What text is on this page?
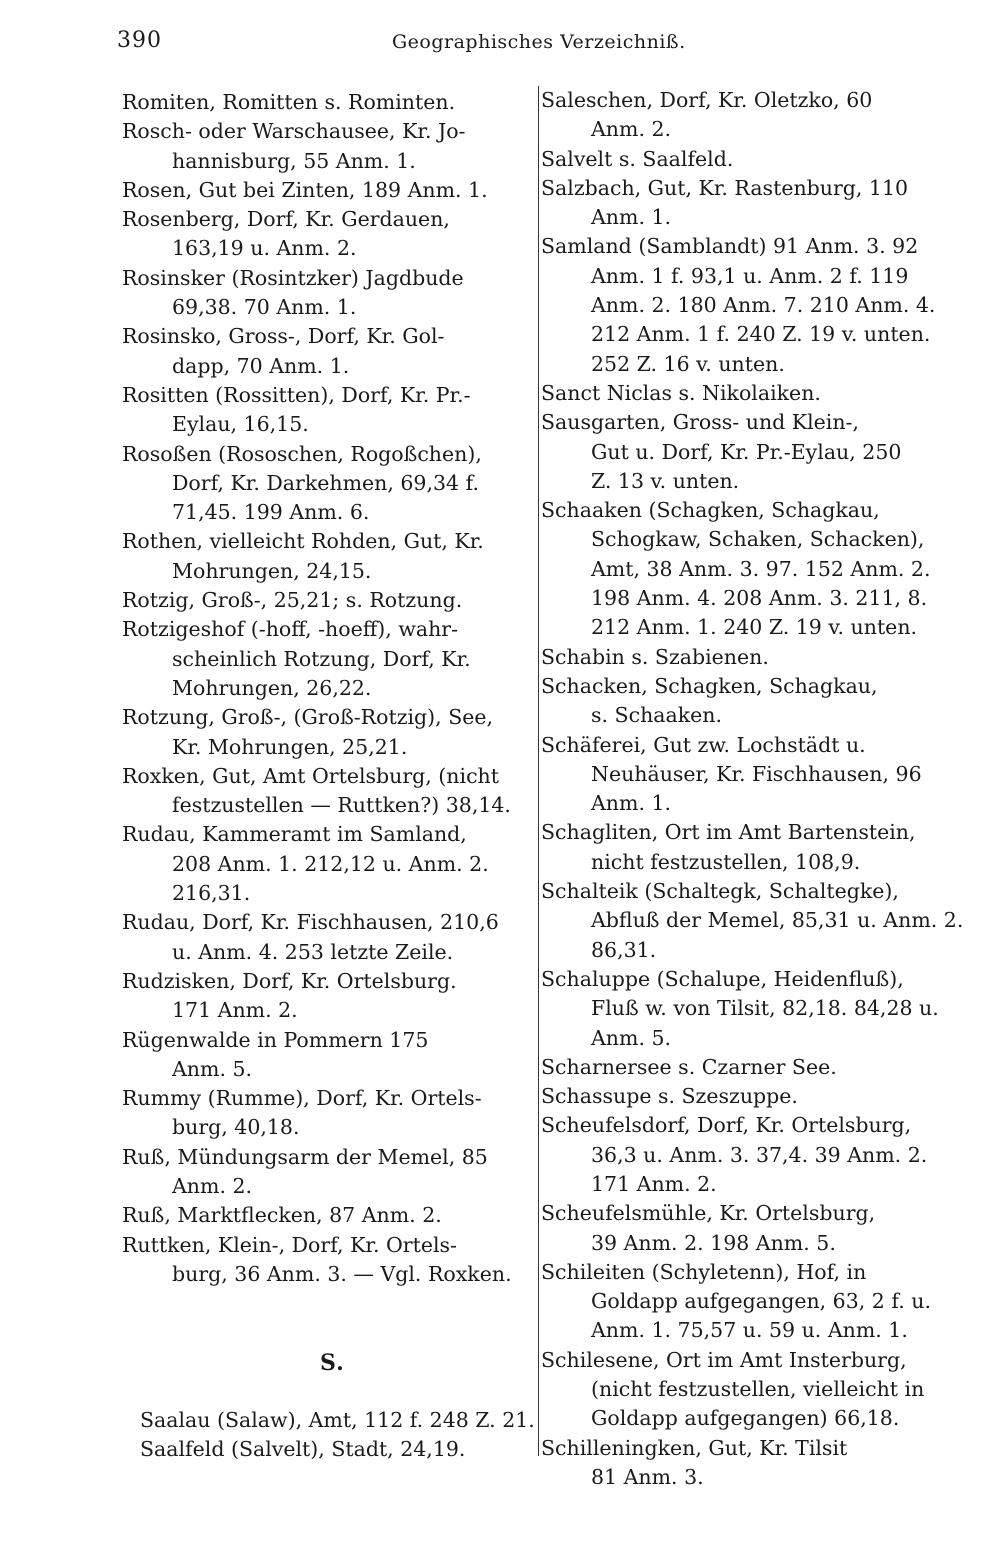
390	Geographisches Verzeichniß.

Romiten, Romitten s. Rominten.

Rosch- oder Warschausee, Kr. Jo-
hannisburg, 55 Anm. 1.

Rosen, Gut bei Zinten, 189 Anm. 1.

Rosenberg, Dorf, Kr. Gerdauen,
163,19 u. Anm. 2.

Rosinsker (Rosintzker) Jagdbude
69,38. 70 Anm. 1.

Rosinsko, Gross-, Dorf, Kr. Gol-
dapp, 70 Anm. 1.

Rositten (Rossitten), Dorf, Kr. Pr.-
Eylau, 16,15.

Rosoßen (Rososchen, Rogoßchen),
Dorf, Kr. Darkehmen, 69,34 f.
71,45. 199 Anm. 6.

Rothen, vielleicht Rohden, Gut, Kr.
Mohrungen, 24,15.

Rotzig, Groß-, 25,21; s. Rotzung.

Rotzigeshof (-hoff, -hoeff), wahr-
scheinlich Rotzung, Dorf, Kr.
Mohrungen, 26,22.

Rotzung, Groß-, (Groß-Rotzig), See,
Kr. Mohrungen, 25,21.

Roxken, Gut, Amt Ortelsburg, (nicht
festzustellen — Ruttken?) 38,14.

Rudau, Kammeramt im Samland,
208 Anm. 1. 212,12 u. Anm. 2.
216,31.

Rudau, Dorf, Kr. Fischhausen, 210,6
u. Anm. 4. 253 letzte Zeile.

Rudzisken, Dorf, Kr. Ortelsburg.
171 Anm. 2.

Rügenwalde in Pommern 175
Anm. 5.

Rummy (Rumme), Dorf, Kr. Ortels-
burg, 40,18.

Ruß, Mündungsarm der Memel, 85
Anm. 2.

Ruß, Marktflecken, 87 Anm. 2.

Ruttken, Klein-, Dorf, Kr. Ortels-
burg, 36 Anm. 3. — Vgl. Roxken.

Saleschen, Dorf, Kr. Oletzko, 60
Anm. 2.

Salvelt s. Saalfeld.

Salzbach, Gut, Kr. Rastenburg, 110
Anm. 1.

Samland (Samblandt) 91 Anm. 3. 92
Anm. 1 f. 93,1 u. Anm. 2 f. 119
Anm. 2. 180 Anm. 7. 210 Anm. 4.
212 Anm. 1 f. 240 Z. 19 v. unten.
252 Z. 16 v. unten.

Sanct Niclas s. Nikolaiken.

Sausgarten, Gross- und Klein-,
Gut u. Dorf, Kr. Pr.-Eylau, 250
Z. 13 v. unten.

Schaaken (Schagken, Schagkau,
Schogkaw, Schaken, Schacken),
Amt, 38 Anm. 3. 97. 152 Anm. 2.
198 Anm. 4. 208 Anm. 3. 211, 8.
212 Anm. 1. 240 Z. 19 v. unten.

Schabin s. Szabienen.

Schacken, Schagken, Schagkau,
s. Schaaken.

Schäferei, Gut zw. Lochstädt u.
Neuhäuser, Kr. Fischhausen, 96
Anm. 1.

Schagliten, Ort im Amt Bartenstein,
nicht festzustellen, 108,9.

Schalteik (Schaltegk, Schaltegke),
Abfluß der Memel, 85,31 u. Anm. 2.
86,31.

Schaluppe (Schalupe, Heidenfluß),
Fluß w. von Tilsit, 82,18. 84,28 u.
Anm. 5.

Scharnersee s. Czarner See.

Schassupe s. Szeszuppe.

Scheufelsdorf, Dorf, Kr. Ortelsburg,
36,3 u. Anm. 3. 37,4. 39 Anm. 2.
171 Anm. 2.

Scheufelsmühle, Kr. Ortelsburg,
39 Anm. 2. 198 Anm. 5.

Schileiten (Schyletenn), Hof, in
Goldapp aufgegangen, 63, 2 f. u.
Anm. 1. 75,57 u. 59 u. Anm. 1.

Schilesene, Ort im Amt Insterburg,
(nicht festzustellen, vielleicht in
Goldapp aufgegangen) 66,18.

Schilleningken, Gut, Kr. Tilsit
81 Anm. 3.

S.

Saalau (Salaw), Amt, 112 f. 248 Z. 21.

Saalfeld (Salvelt), Stadt, 24,19.
